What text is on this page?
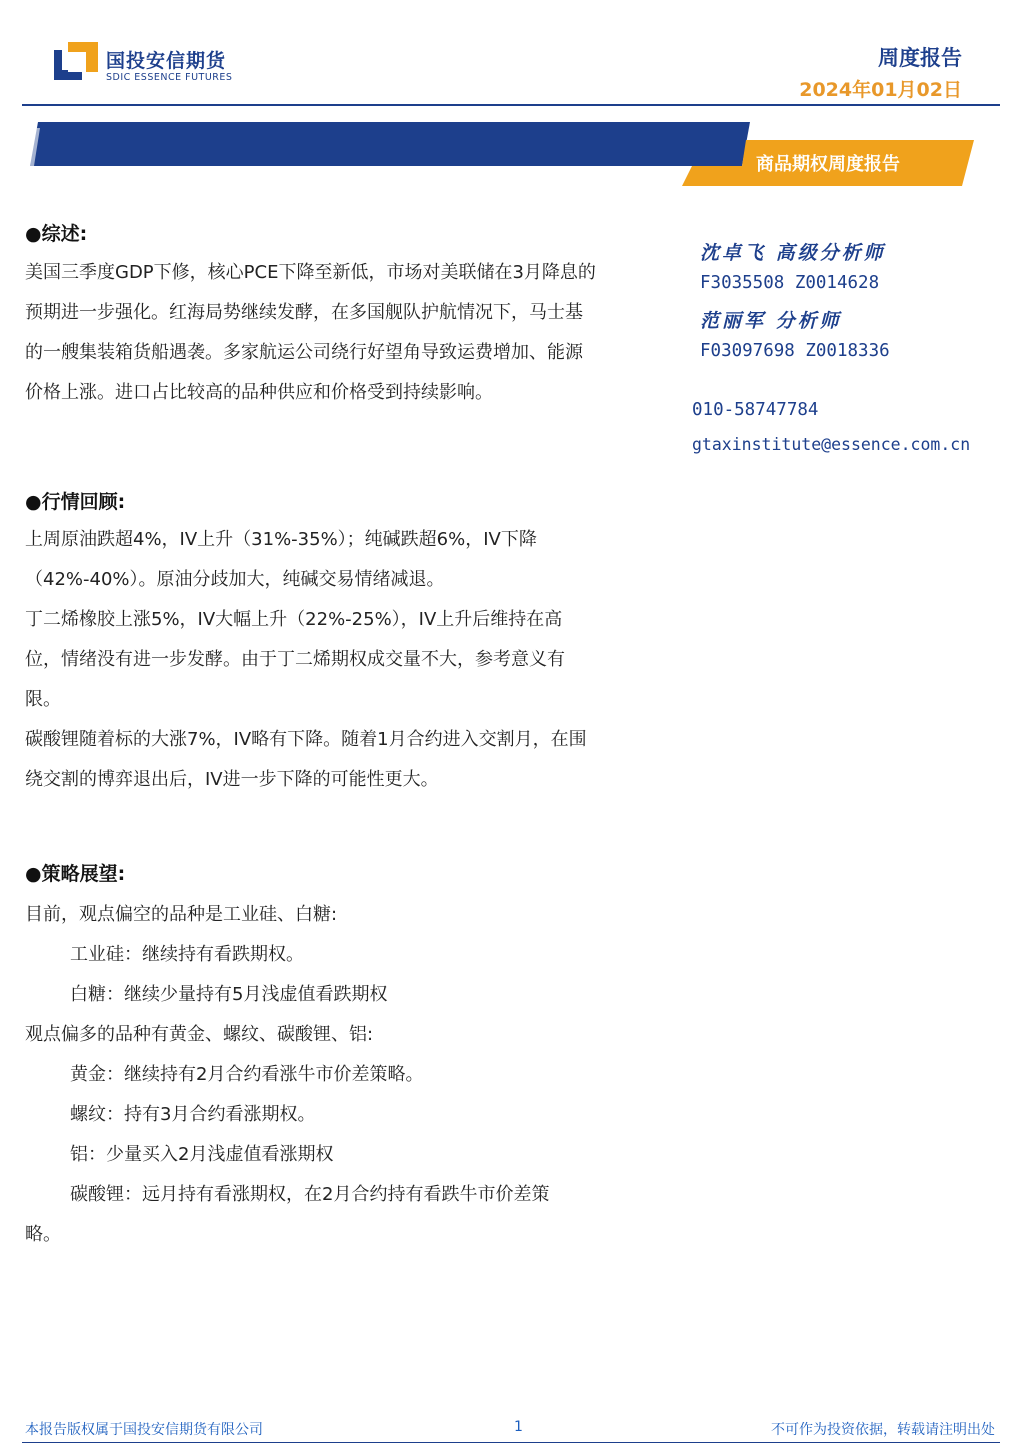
国投安信期货
SDIC ESSENCE FUTURES
周度报告
2024年01月02日
商品期权周度报告
●综述:

美国三季度GDP下修，核心PCE下降至新低，市场对美联储在3月降息的预期进一步强化。红海局势继续发酵，在多国舰队护航情况下，马士基的一艘集装箱货船遇袭。多家航运公司绕行好望角导致运费增加、能源价格上涨。进口占比较高的品种供应和价格受到持续影响。

●行情回顾:

上周原油跌超4%，IV上升（31%-35%）；纯碱跌超6%，IV下降（42%-40%）。原油分歧加大，纯碱交易情绪减退。

丁二烯橡胶上涨5%，IV大幅上升（22%-25%），IV上升后维持在高位，情绪没有进一步发酵。由于丁二烯期权成交量不大，参考意义有限。

碳酸锂随着标的大涨7%，IV略有下降。随着1月合约进入交割月，在围绕交割的博弈退出后，IV进一步下降的可能性更大。

●策略展望:
目前，观点偏空的品种是工业硅、白糖:
工业硅：继续持有看跌期权。
白糖：继续少量持有5月浅虚值看跌期权
观点偏多的品种有黄金、螺纹、碳酸锂、铝:
黄金：继续持有2月合约看涨牛市价差策略。
螺纹：持有3月合约看涨期权。
铝：少量买入2月浅虚值看涨期权
碳酸锂：远月持有看涨期权，在2月合约持有看跌牛市价差策
略。
沈卓飞 高级分析师
F3035508 Z0014628
范丽军 分析师
F03097698 Z0018336
010-58747784
gtaxinstitute@essence.com.cn
本报告版权属于国投安信期货有限公司	1	不可作为投资依据，转载请注明出处
